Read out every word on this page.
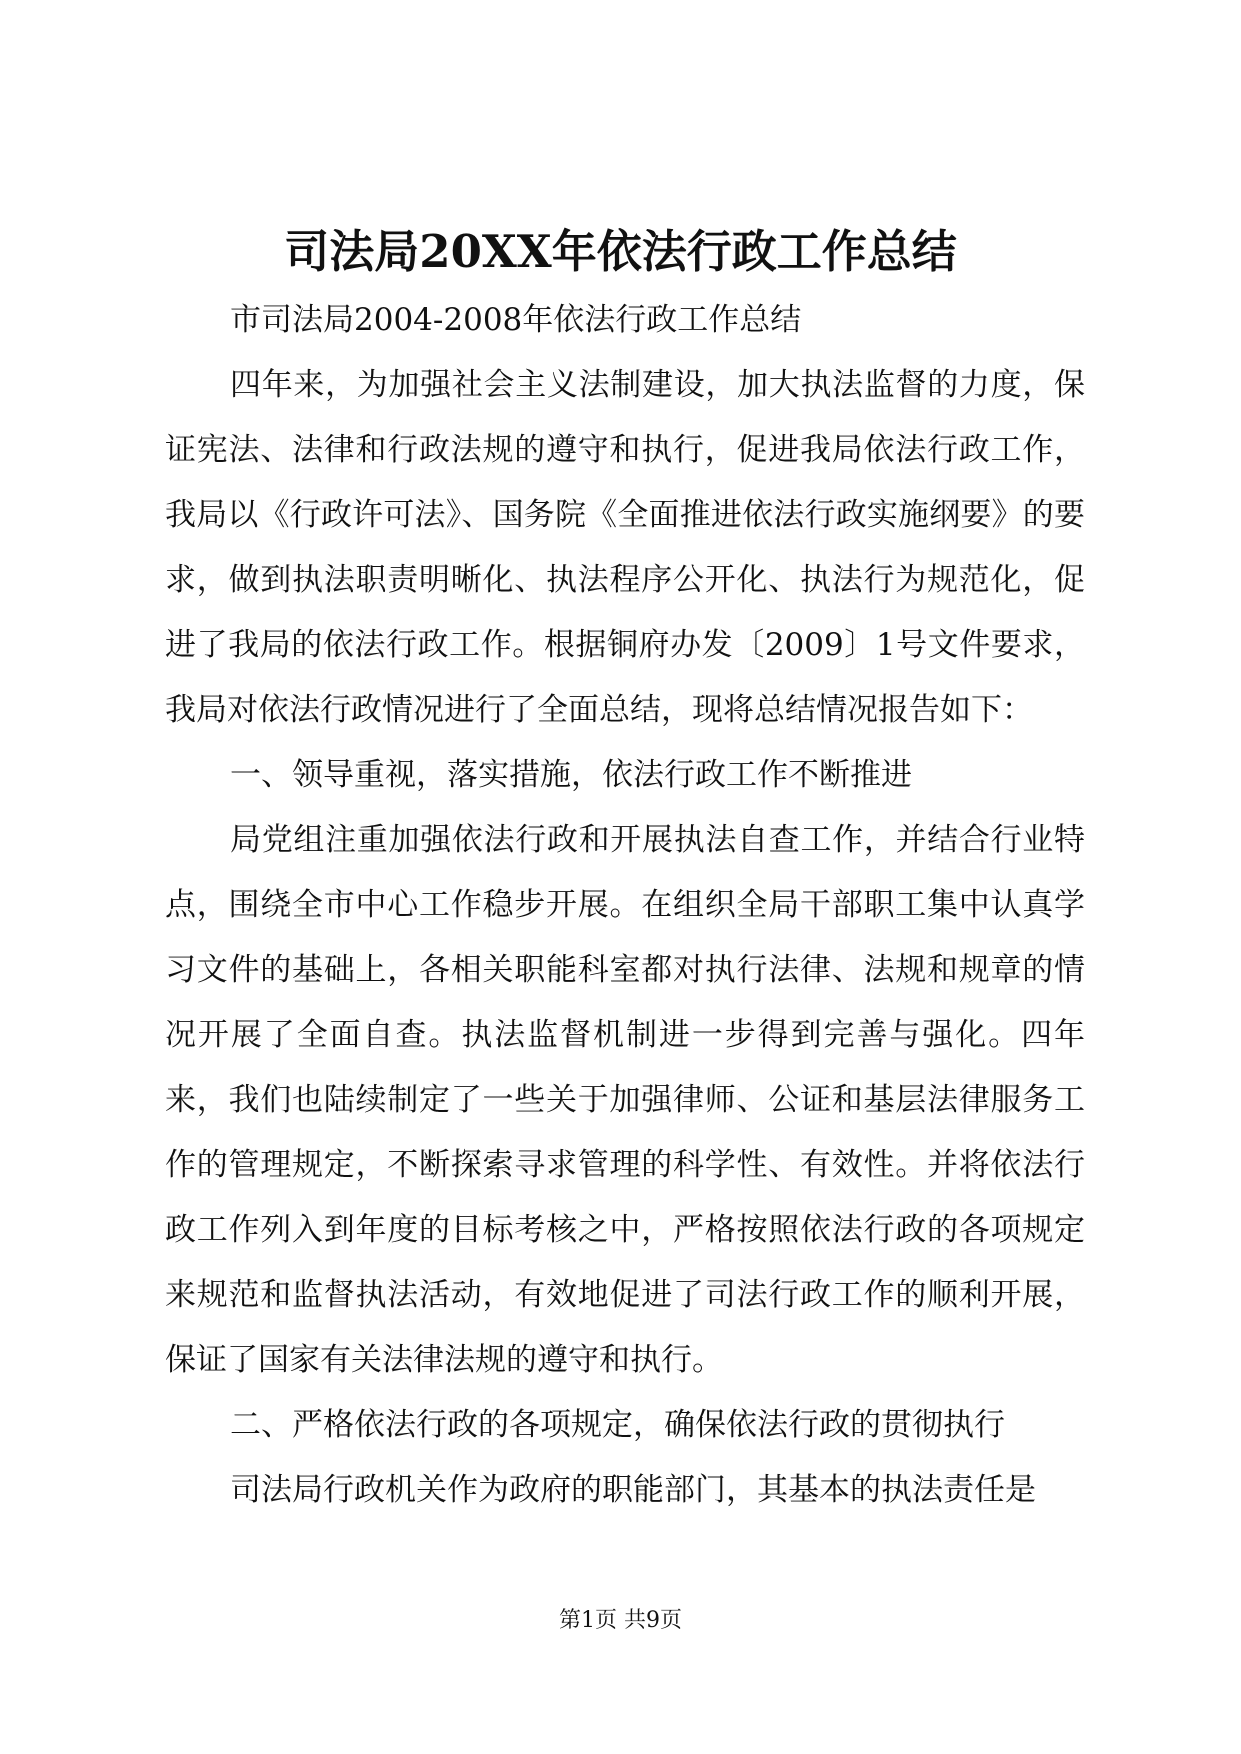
司法局20XX年依法行政工作总结

市司法局2004-2008年依法行政工作总结

四年来，为加强社会主义法制建设，加大执法监督的力度，保证宪法、法律和行政法规的遵守和执行，促进我局依法行政工作，我局以《行政许可法》、国务院《全面推进依法行政实施纲要》的要求，做到执法职责明晰化、执法程序公开化、执法行为规范化，促进了我局的依法行政工作。根据铜府办发〔2009〕1号文件要求，我局对依法行政情况进行了全面总结，现将总结情况报告如下：

一、领导重视，落实措施，依法行政工作不断推进

局党组注重加强依法行政和开展执法自查工作，并结合行业特点，围绕全市中心工作稳步开展。在组织全局干部职工集中认真学习文件的基础上，各相关职能科室都对执行法律、法规和规章的情况开展了全面自查。执法监督机制进一步得到完善与强化。四年来，我们也陆续制定了一些关于加强律师、公证和基层法律服务工作的管理规定，不断探索寻求管理的科学性、有效性。并将依法行政工作列入到年度的目标考核之中，严格按照依法行政的各项规定来规范和监督执法活动，有效地促进了司法行政工作的顺利开展，保证了国家有关法律法规的遵守和执行。

二、严格依法行政的各项规定，确保依法行政的贯彻执行

司法局行政机关作为政府的职能部门，其基本的执法责任是

第1页 共9页
